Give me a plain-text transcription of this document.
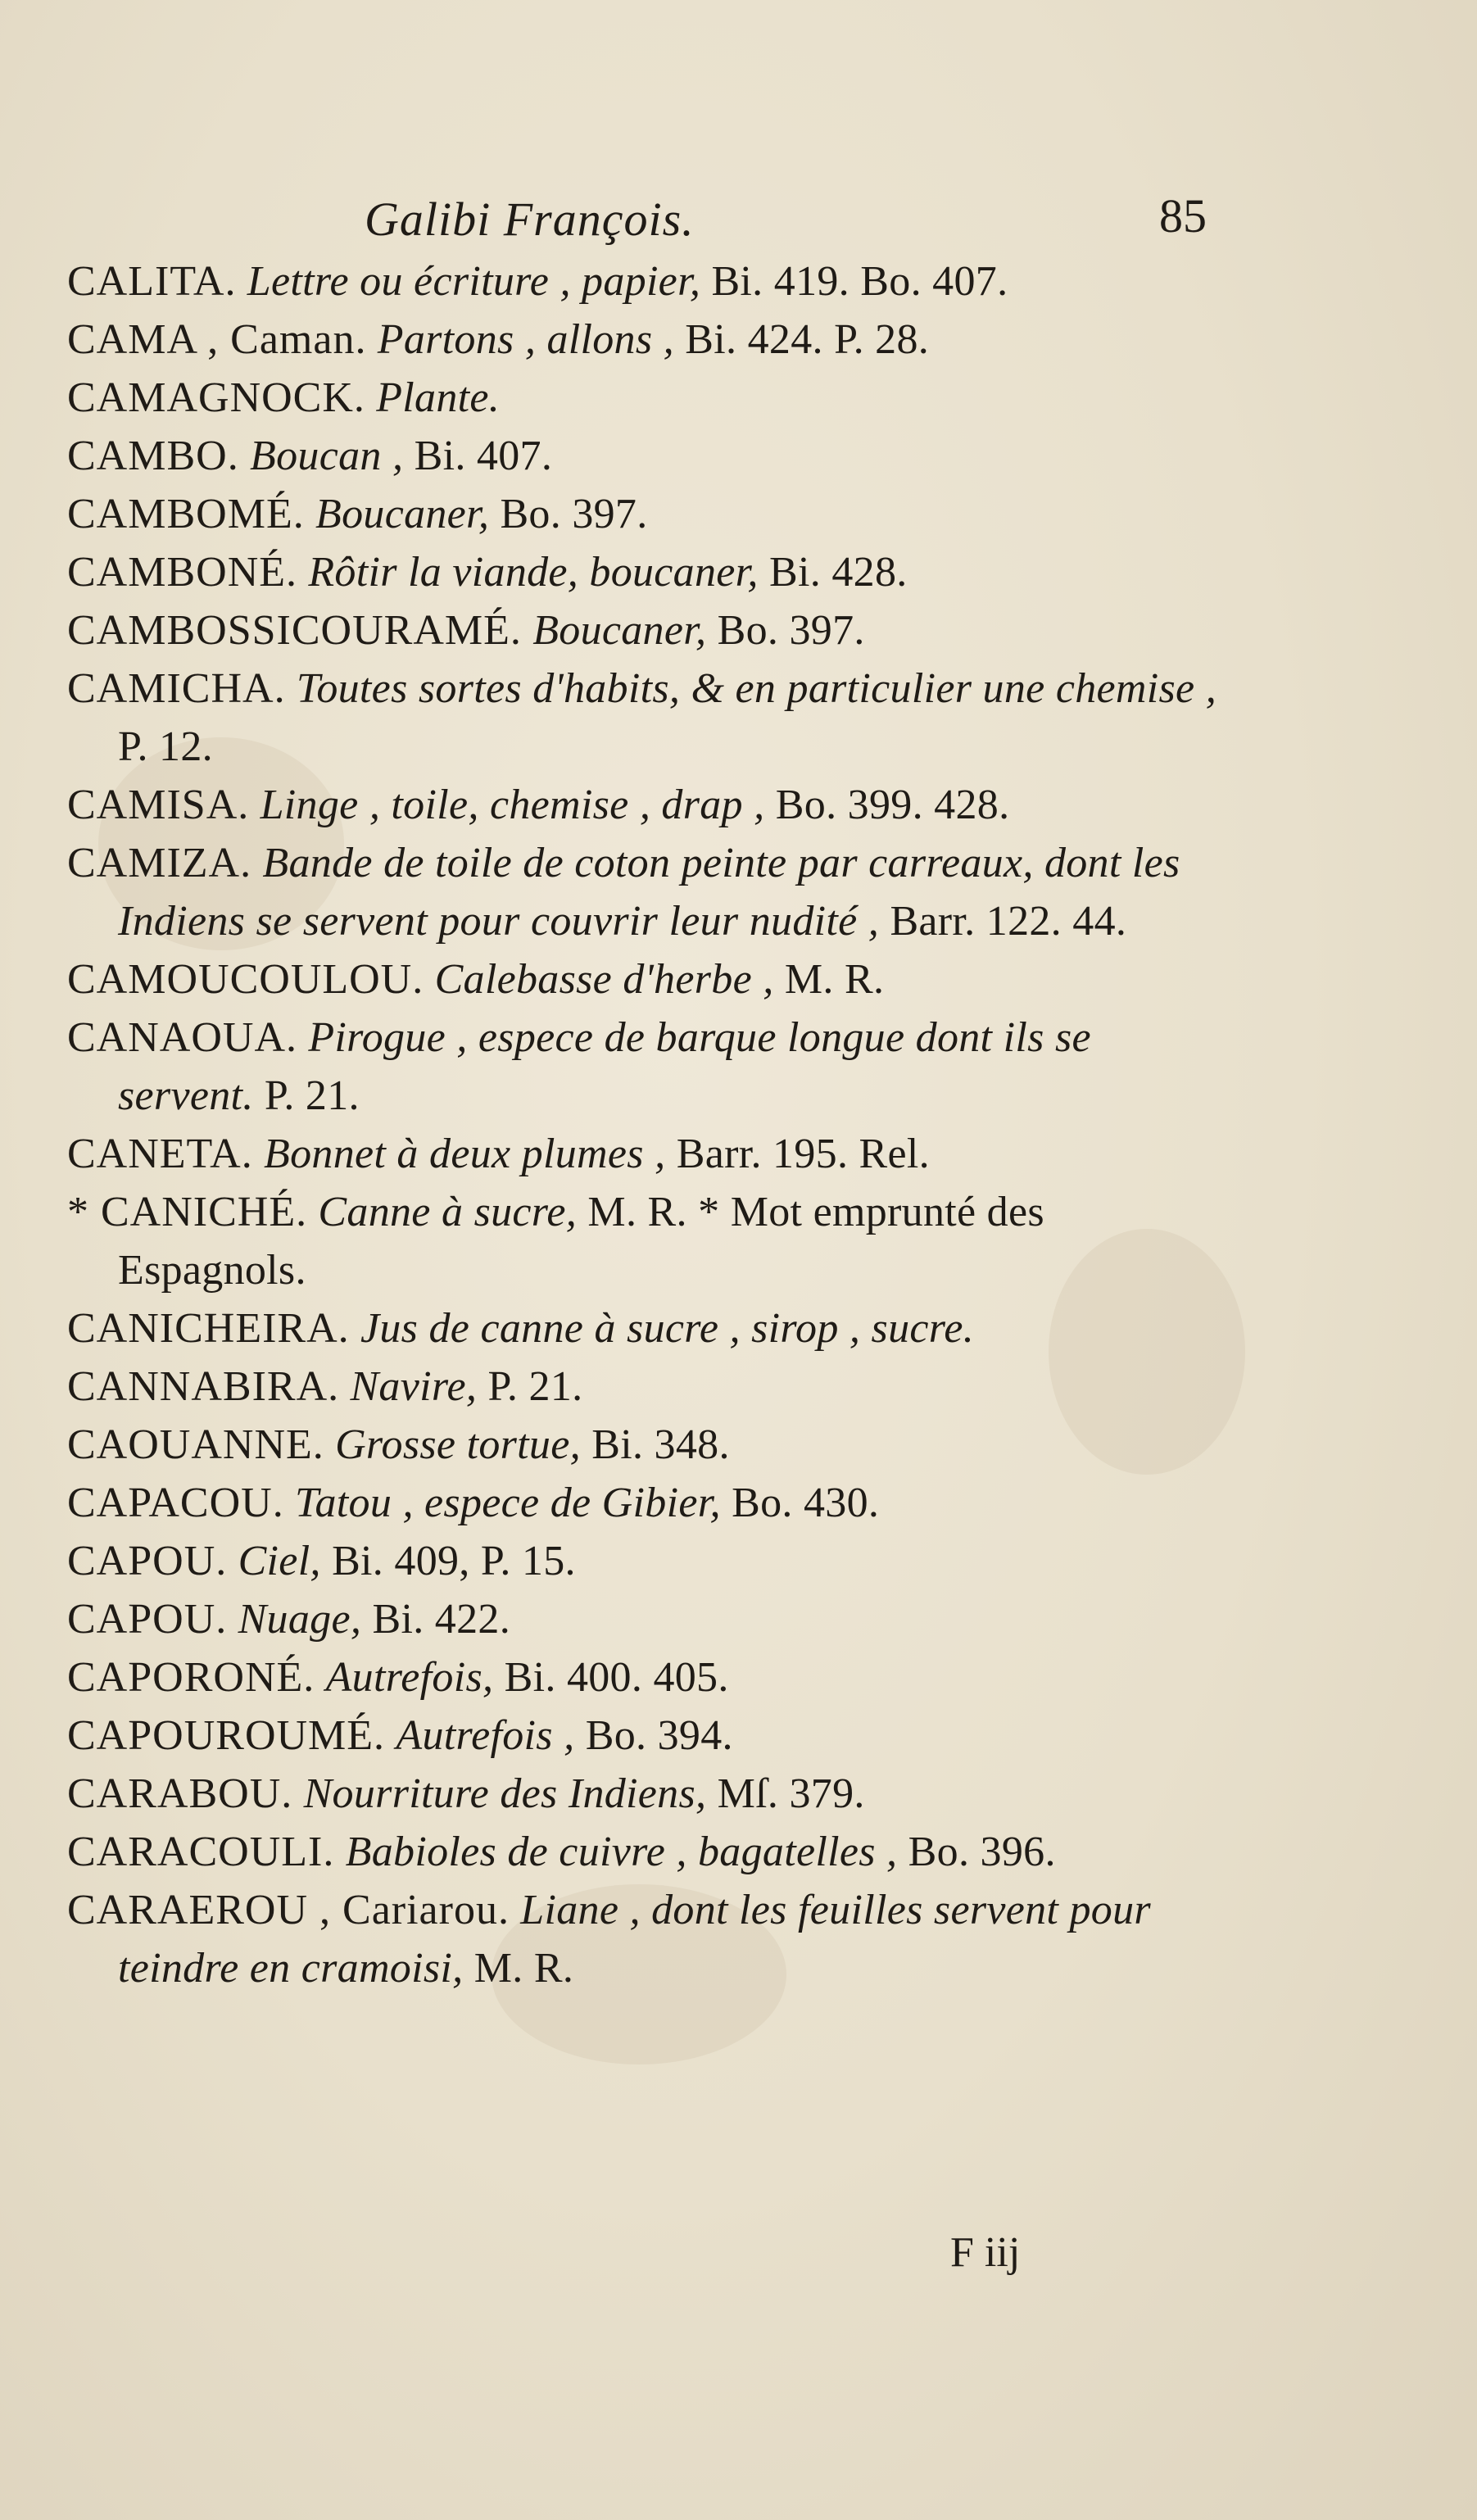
Galibi François.	85

CALITA. Lettre ou écriture , papier, Bi. 419. Bo. 407.

CAMA , Caman. Partons , allons , Bi. 424. P. 28.

CAMAGNOCK. Plante.

CAMBO. Boucan , Bi. 407.

CAMBOMÉ. Boucaner, Bo. 397.

CAMBONÉ. Rôtir la viande, boucaner, Bi. 428.

CAMBOSSICOURAMÉ. Boucaner, Bo. 397.

CAMICHA. Toutes sortes d'habits, & en particulier une chemise , P. 12.

CAMISA. Linge , toile, chemise , drap , Bo. 399. 428.

CAMIZA. Bande de toile de coton peinte par carreaux, dont les Indiens se servent pour couvrir leur nudité , Barr. 122. 44.

CAMOUCOULOU. Calebasse d'herbe , M. R.

CANAOUA. Pirogue , espece de barque longue dont ils se servent. P. 21.

CANETA. Bonnet à deux plumes , Barr. 195. Rel.

* CANICHÉ. Canne à sucre, M. R. * Mot emprunté des Espagnols.

CANICHEIRA. Jus de canne à sucre , sirop , sucre.

CANNABIRA. Navire, P. 21.

CAOUANNE. Grosse tortue, Bi. 348.

CAPACOU. Tatou , espece de Gibier, Bo. 430.

CAPOU. Ciel, Bi. 409, P. 15.

CAPOU. Nuage, Bi. 422.

CAPORONÉ. Autrefois, Bi. 400. 405.

CAPOUROUMÉ. Autrefois , Bo. 394.

CARABOU. Nourriture des Indiens, Mſ. 379.

CARACOULI. Babioles de cuivre , bagatelles , Bo. 396.

CARAEROU , Cariarou. Liane , dont les feuilles servent pour teindre en cramoisi, M. R.

F iij
